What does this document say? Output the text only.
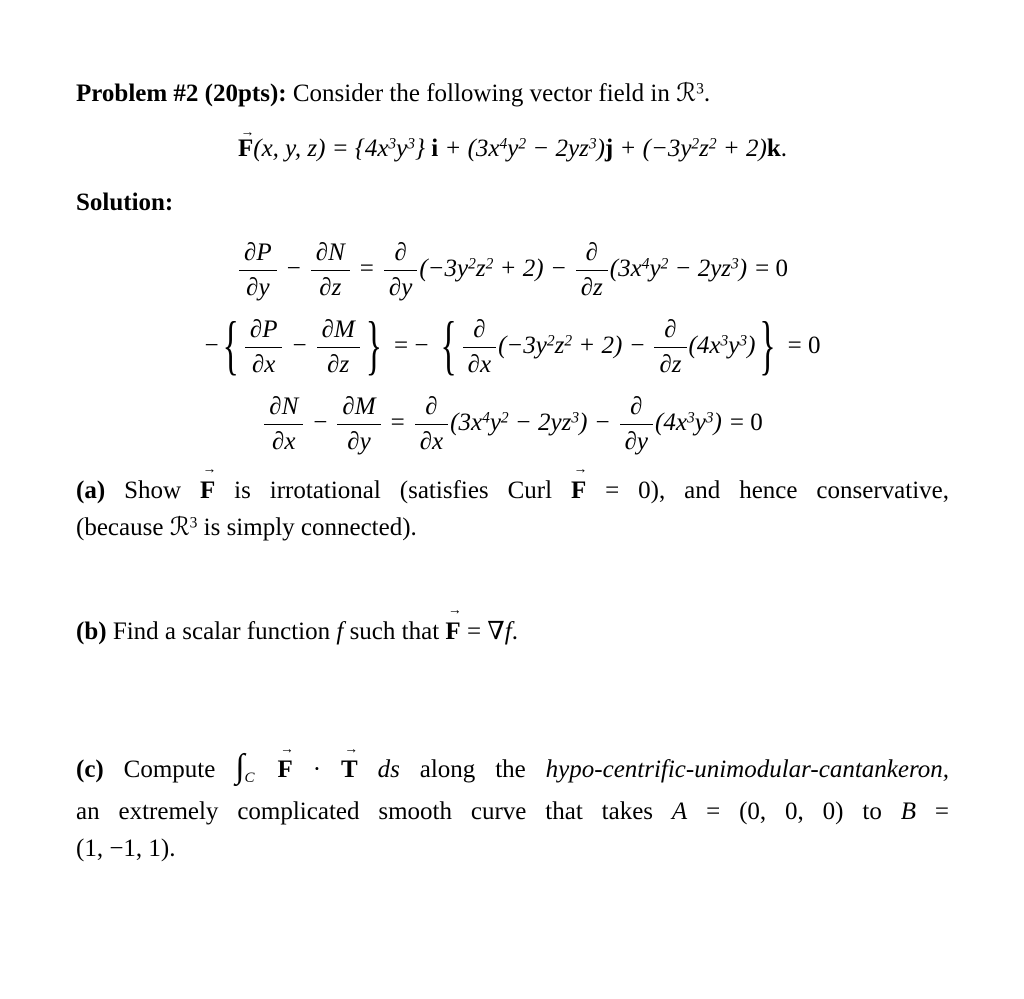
Problem #2 (20pts): Consider the following vector field in ℛ$^3$.
→
F(x, y, $z) = \{4x^3y^3\} i + (3x^4y^2 - 2yz^3)j + (-3y^2z^2 + 2)k$.
Solution:
$\frac{\partial P}{\partial y} - \frac{\partial N}{\partial z} = \frac{\partial}{\partial y} (-3y^2z^2 + 2) - \frac{\partial}{\partial z} (3x^4y^2 - 2yz^3) = 0$
− { $\frac{\partial P}{\partial x} - \frac{\partial M}{\partial z}$ } = − { $\frac{\partial}{\partial x} (-3y^2z^2 + 2) - \frac{\partial}{\partial z} (4x^3y^3)$ } = 0
$\frac{\partial N}{\partial x} - \frac{\partial M}{\partial y} = \frac{\partial}{\partial x} (3x^4y^2 - 2yz^3) - \frac{\partial}{\partial y} (4x^3y^3) = 0$
(a) Show
→
F is irrotational (satisfies Curl
→
F = 0), and hence conservative,
(because ℛ$^3$ is simply connected).
(b) Find a scalar function f such that
→
F = ∇f.
(c) Compute $\int_C$
→
F ·
→
T ds along the hypo-centrific-unimodular-cantankeron,
an extremely complicated smooth curve that takes A = (0, 0, 0) to B =
(1, −1, 1).
